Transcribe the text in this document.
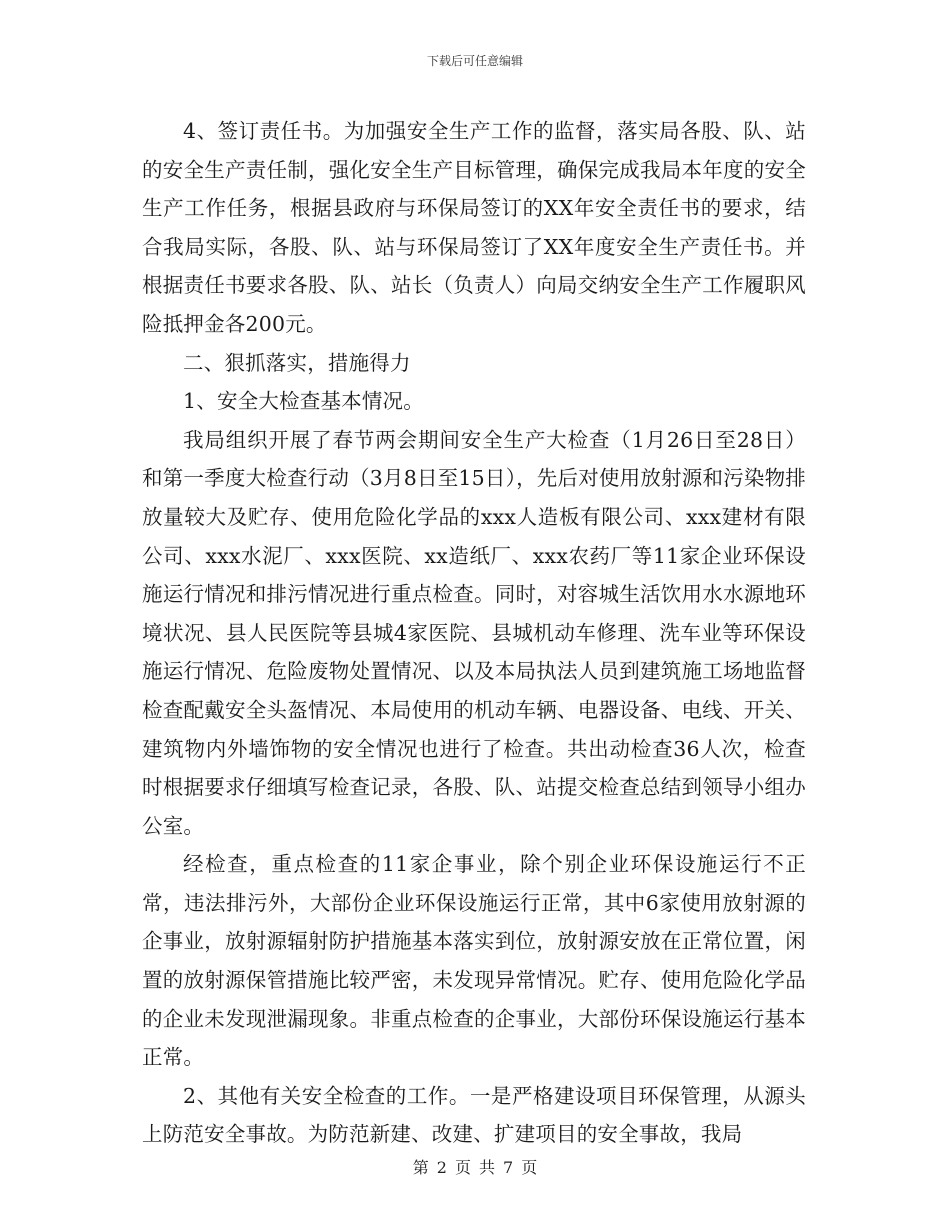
下载后可任意编辑

4、签订责任书。为加强安全生产工作的监督，落实局各股、队、站的安全生产责任制，强化安全生产目标管理，确保完成我局本年度的安全生产工作任务，根据县政府与环保局签订的XX年安全责任书的要求，结合我局实际，各股、队、站与环保局签订了XX年度安全生产责任书。并根据责任书要求各股、队、站长（负责人）向局交纳安全生产工作履职风险抵押金各200元。

二、狠抓落实，措施得力

1、安全大检查基本情况。

我局组织开展了春节两会期间安全生产大检查（1月26日至28日）和第一季度大检查行动（3月8日至15日），先后对使用放射源和污染物排放量较大及贮存、使用危险化学品的xxx人造板有限公司、xxx建材有限公司、xxx水泥厂、xxx医院、xx造纸厂、xxx农药厂等11家企业环保设施运行情况和排污情况进行重点检查。同时，对容城生活饮用水水源地环境状况、县人民医院等县城4家医院、县城机动车修理、洗车业等环保设施运行情况、危险废物处置情况、以及本局执法人员到建筑施工场地监督检查配戴安全头盔情况、本局使用的机动车辆、电器设备、电线、开关、建筑物内外墙饰物的安全情况也进行了检查。共出动检查36人次，检查时根据要求仔细填写检查记录，各股、队、站提交检查总结到领导小组办公室。

经检查，重点检查的11家企事业，除个别企业环保设施运行不正常，违法排污外，大部份企业环保设施运行正常，其中6家使用放射源的企事业，放射源辐射防护措施基本落实到位，放射源安放在正常位置，闲置的放射源保管措施比较严密，未发现异常情况。贮存、使用危险化学品的企业未发现泄漏现象。非重点检查的企事业，大部份环保设施运行基本正常。

2、其他有关安全检查的工作。一是严格建设项目环保管理，从源头上防范安全事故。为防范新建、改建、扩建项目的安全事故，我局

第 2 页 共 7 页
